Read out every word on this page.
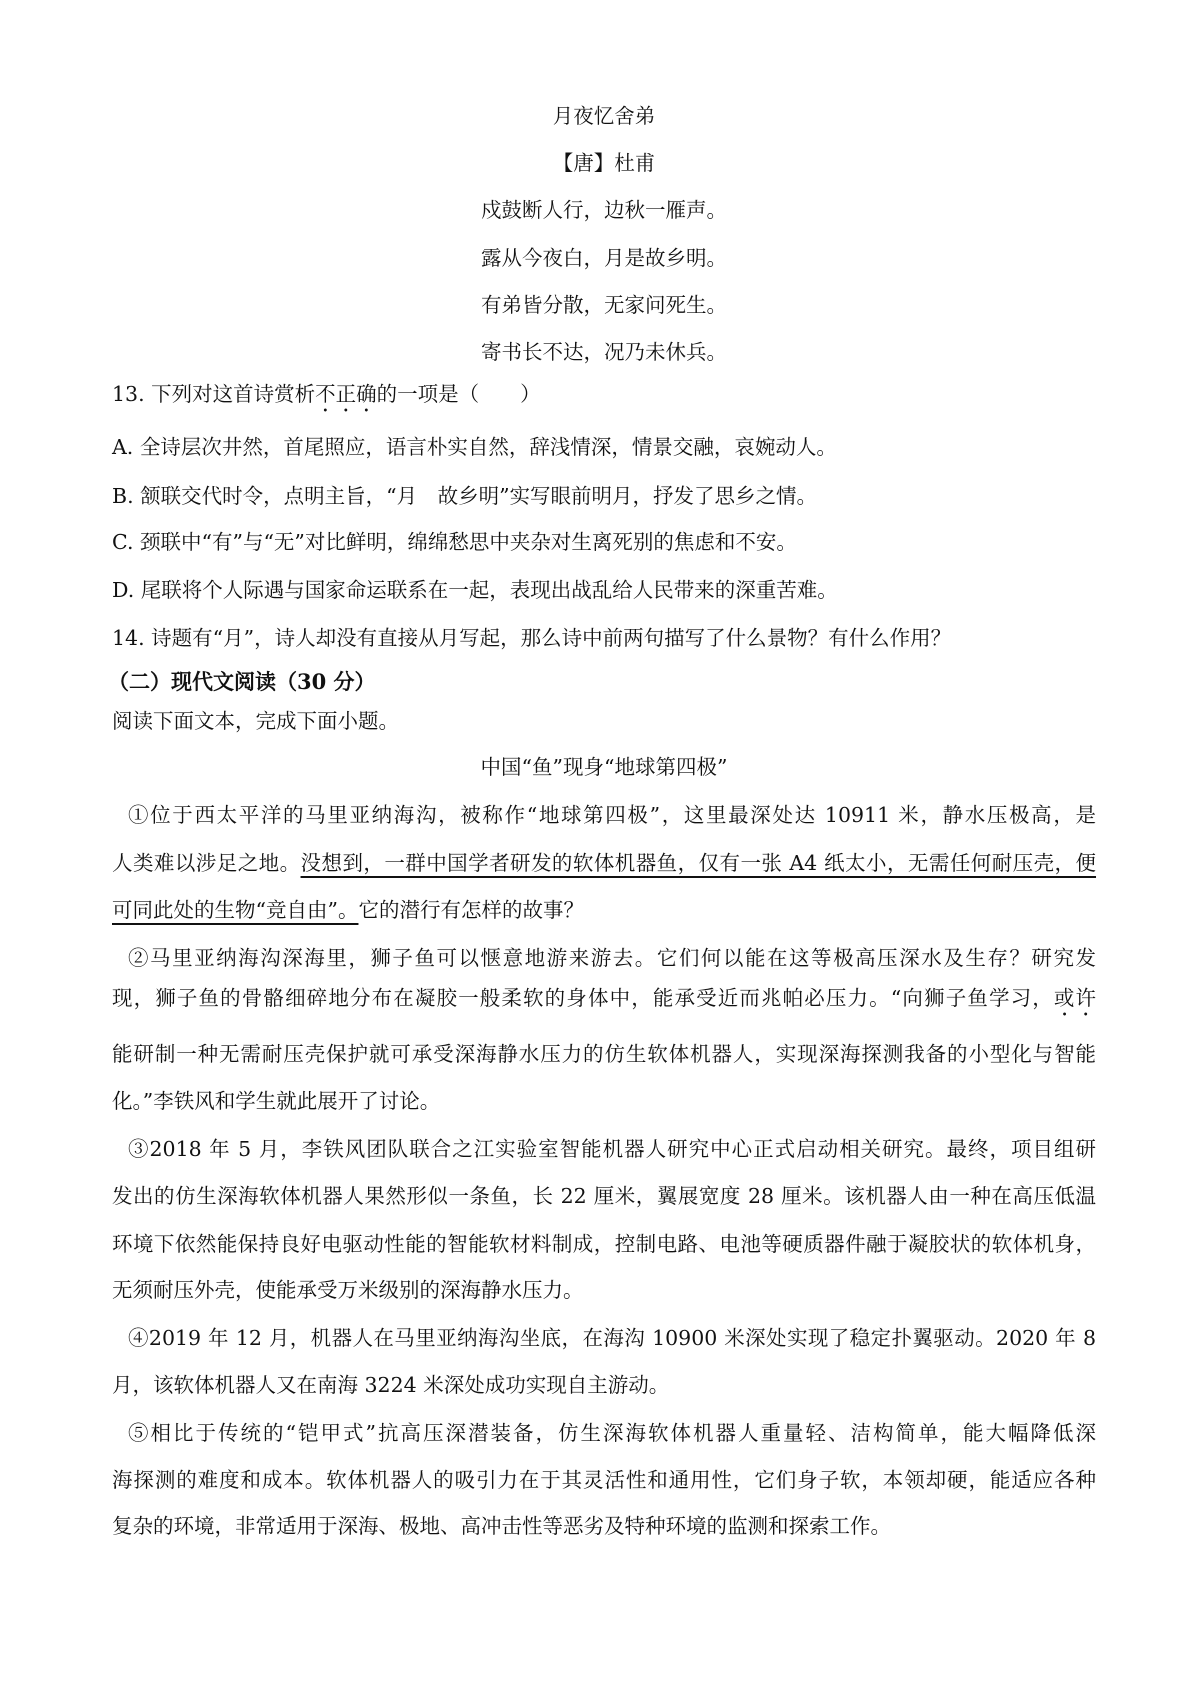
月夜忆舍弟
【唐】杜甫
戍鼓断人行，边秋一雁声。
露从今夜白，月是故乡明。
有弟皆分散，无家问死生。
寄书长不达，况乃未休兵。
13. 下列对这首诗赏析不正确的一项是（　　）
A. 全诗层次井然，首尾照应，语言朴实自然，辞浅情深，情景交融，哀婉动人。
B. 颔联交代时令，点明主旨，“月　故乡明”实写眼前明月，抒发了思乡之情。
C. 颈联中“有”与“无”对比鲜明，绵绵愁思中夹杂对生离死别的焦虑和不安。
D. 尾联将个人际遇与国家命运联系在一起，表现出战乱给人民带来的深重苦难。
14. 诗题有“月”，诗人却没有直接从月写起，那么诗中前两句描写了什么景物？有什么作用？
（二）现代文阅读（30 分）
阅读下面文本，完成下面小题。
中国“鱼”现身“地球第四极”
①位于西太平洋的马里亚纳海沟，被称作“地球第四极”，这里最深处达 10911 米，静水压极高，是
人类难以涉足之地。没想到，一群中国学者研发的软体机器鱼，仅有一张 A4 纸太小，无需任何耐压壳，便
可同此处的生物“竞自由”。它的潜行有怎样的故事？
②马里亚纳海沟深海里，狮子鱼可以惬意地游来游去。它们何以能在这等极高压深水及生存？研究发
现，狮子鱼的骨骼细碎地分布在凝胶一般柔软的身体中，能承受近而兆帕必压力。“向狮子鱼学习，或许
能研制一种无需耐压壳保护就可承受深海静水压力的仿生软体机器人，实现深海探测我备的小型化与智能
化。”李铁风和学生就此展开了讨论。
③2018 年 5 月，李铁风团队联合之江实验室智能机器人研究中心正式启动相关研究。最终，项目组研
发出的仿生深海软体机器人果然形似一条鱼，长 22 厘米，翼展宽度 28 厘米。该机器人由一种在高压低温
环境下依然能保持良好电驱动性能的智能软材料制成，控制电路、电池等硬质器件融于凝胶状的软体机身，
无须耐压外壳，使能承受万米级别的深海静水压力。
④2019 年 12 月，机器人在马里亚纳海沟坐底，在海沟 10900 米深处实现了稳定扑翼驱动。2020 年 8
月，该软体机器人又在南海 3224 米深处成功实现自主游动。
⑤相比于传统的“铠甲式”抗高压深潜装备，仿生深海软体机器人重量轻、洁构简单，能大幅降低深
海探测的难度和成本。软体机器人的吸引力在于其灵活性和通用性，它们身子软，本领却硬，能适应各种
复杂的环境，非常适用于深海、极地、高冲击性等恶劣及特种环境的监测和探索工作。
